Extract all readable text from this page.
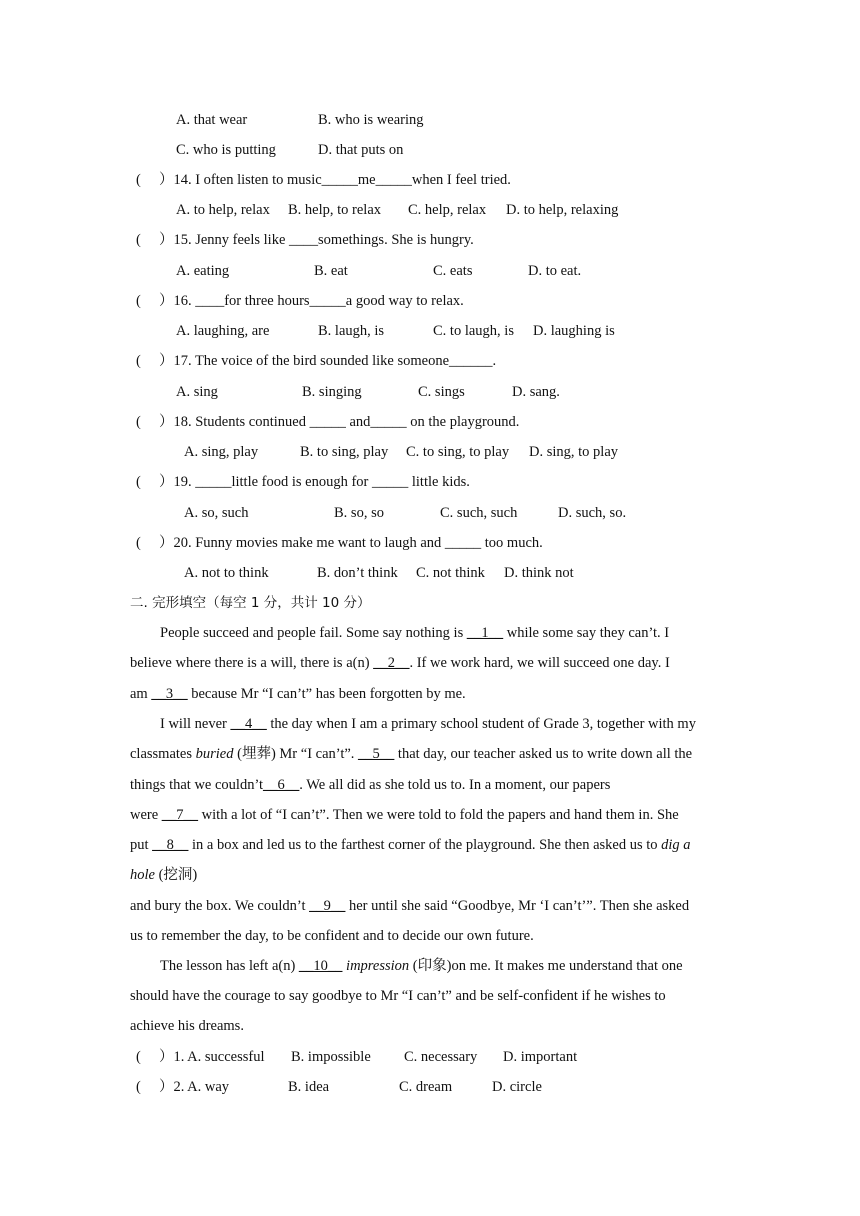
A. that wear	B. who is wearing
C. who is putting	D. that puts on
(　 ）14. I often listen to music_____me_____when I feel tried.
A. to help, relax B. help, to relax C. help, relax D. to help, relaxing
(　 ）15. Jenny feels like ____somethings. She is hungry.
A. eating	B. eat	C. eats	D. to eat.
(　 ）16. ____for three hours_____a good way to relax.
A. laughing, are	B. laugh, is	C. to laugh, is D. laughing is
(　 ）17. The voice of the bird sounded like someone______.
A. sing	B. singing	C. sings	D. sang.
(　 ）18. Students continued _____ and_____ on the playground.
A. sing, play	B. to sing, play C. to sing, to play D. sing, to play
(　 ）19. _____little food is enough for _____ little kids.
A. so, such	B. so, so	C. such, such	D. such, so.
(　 ）20. Funny movies make me want to laugh and _____ too much.
A. not to think	B. don’t think C. not think D. think not
二. 完形填空（每空 1 分，共计 10 分）
People succeed and people fail. Some say nothing is __1__ while some say they can’t. I
believe where there is a will, there is a(n) __2__. If we work hard, we will succeed one day. I
am __3__ because Mr “I can’t” has been forgotten by me.
I will never __4__ the day when I am a primary school student of Grade 3, together with my
classmates buried (埋葬) Mr “I can’t”. __5__ that day, our teacher asked us to write down all the
things that we couldn’t__6__. We all did as she told us to. In a moment, our papers
were __7__ with a lot of “I can’t”. Then we were told to fold the papers and hand them in. She
put __8__ in a box and led us to the farthest corner of the playground. She then asked us to dig a
hole (挖洞)
and bury the box. We couldn’t __9__ her until she said “Goodbye, Mr ‘I can’t’”. Then she asked
us to remember the day, to be confident and to decide our own future.
The lesson has left a(n) __10__ impression (印象)on me. It makes me understand that one
should have the courage to say goodbye to Mr “I can’t” and be self-confident if he wishes to
achieve his dreams.
(　 ）1. A. successful B. impossible C. necessary D. important
(　 ）2. A. way	B. idea	C. dream	D. circle
